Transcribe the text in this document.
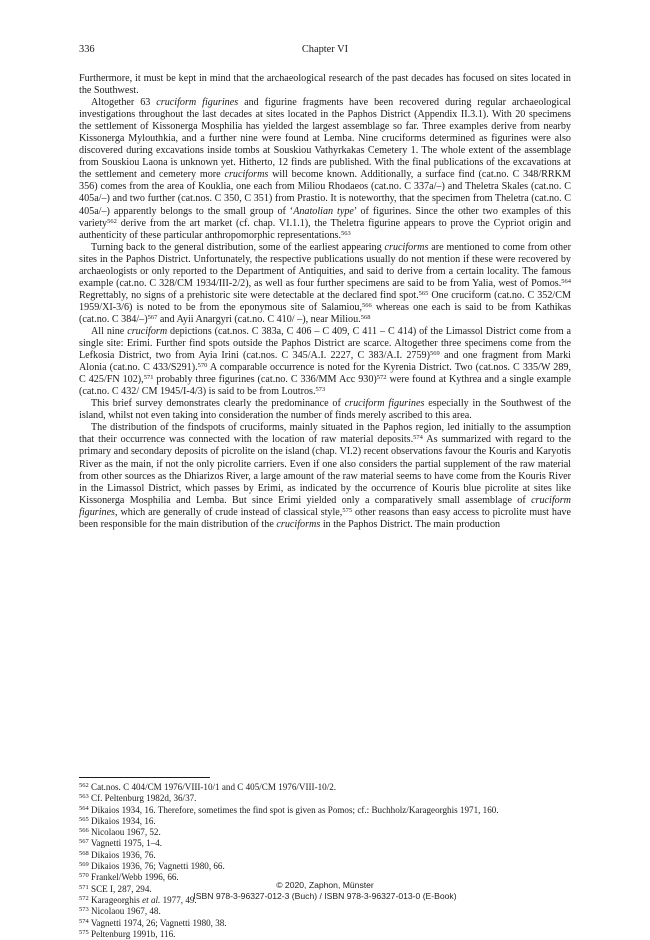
336	Chapter VI

Furthermore, it must be kept in mind that the archaeological research of the past decades has focused on sites located in the Southwest.

Altogether 63 cruciform figurines and figurine fragments have been recovered during regular archaeological investigations throughout the last decades at sites located in the Paphos District (Appendix II.3.1). With 20 specimens the settlement of Kissonerga Mosphilia has yielded the largest assemblage so far. Three examples derive from nearby Kissonerga Mylouthkia, and a further nine were found at Lemba. Nine cruciforms determined as figurines were also discovered during excavations inside tombs at Souskiou Vathyrkakas Cemetery 1. The whole extent of the assemblage from Souskiou Laona is unknown yet. Hitherto, 12 finds are published. With the final publications of the excavations at the settlement and cemetery more cruciforms will become known. Additionally, a surface find (cat.no. C 348/RRKM 356) comes from the area of Kouklia, one each from Miliou Rhodaeos (cat.no. C 337a/–) and Theletra Skales (cat.no. C 405a/–) and two further (cat.nos. C 350, C 351) from Prastio. It is noteworthy, that the specimen from Theletra (cat.no. C 405a/–) apparently belongs to the small group of ‘Anatolian type’ of figurines. Since the other two examples of this variety$^{562}$ derive from the art market (cf. chap. VI.1.1), the Theletra figurine appears to prove the Cypriot origin and authenticity of these particular anthropomorphic representations.$^{563}$

Turning back to the general distribution, some of the earliest appearing cruciforms are mentioned to come from other sites in the Paphos District. Unfortunately, the respective publications usually do not mention if these were recovered by archaeologists or only reported to the Department of Antiquities, and said to derive from a certain locality. The famous example (cat.no. C 328/CM 1934/III-2/2), as well as four further specimens are said to be from Yalia, west of Pomos.$^{564}$ Regrettably, no signs of a prehistoric site were detectable at the declared find spot.$^{565}$ One cruciform (cat.no. C 352/CM 1959/XI-3/6) is noted to be from the eponymous site of Salamiou,$^{566}$ whereas one each is said to be from Kathikas (cat.no. C 384/–)$^{567}$ and Ayii Anargyri (cat.no. C 410/ –), near Miliou.$^{568}$

All nine cruciform depictions (cat.nos. C 383a, C 406 – C 409, C 411 – C 414) of the Limassol District come from a single site: Erimi. Further find spots outside the Paphos District are scarce. Altogether three specimens come from the Lefkosia District, two from Ayia Irini (cat.nos. C 345/A.I. 2227, C 383/A.I. 2759)$^{569}$ and one fragment from Marki Alonia (cat.no. C 433/S291).$^{570}$ A comparable occurrence is noted for the Kyrenia District. Two (cat.nos. C 335/W 289, C 425/FN 102),$^{571}$ probably three figurines (cat.no. C 336/MM Acc 930)$^{572}$ were found at Kythrea and a single example (cat.no. C 432/ CM 1945/I-4/3) is said to be from Loutros.$^{573}$

This brief survey demonstrates clearly the predominance of cruciform figurines especially in the Southwest of the island, whilst not even taking into consideration the number of finds merely ascribed to this area.

The distribution of the findspots of cruciforms, mainly situated in the Paphos region, led initially to the assumption that their occurrence was connected with the location of raw material deposits.$^{574}$ As summarized with regard to the primary and secondary deposits of picrolite on the island (chap. VI.2) recent observations favour the Kouris and Karyotis River as the main, if not the only picrolite carriers. Even if one also considers the partial supplement of the raw material from other sources as the Dhiarizos River, a large amount of the raw material seems to have come from the Kouris River in the Limassol District, which passes by Erimi, as indicated by the occurrence of Kouris blue picrolite at sites like Kissonerga Mosphilia and Lemba. But since Erimi yielded only a comparatively small assemblage of cruciform figurines, which are generally of crude instead of classical style,$^{575}$ other reasons than easy access to picrolite must have been responsible for the main distribution of the cruciforms in the Paphos District. The main production

$^{562}$ Cat.nos. C 404/CM 1976/VIII-10/1 and C 405/CM 1976/VIII-10/2.
$^{563}$ Cf. Peltenburg 1982d, 36/37.
$^{564}$ Dikaios 1934, 16. Therefore, sometimes the find spot is given as Pomos; cf.: Buchholz/Karageorghis 1971, 160.
$^{565}$ Dikaios 1934, 16.
$^{566}$ Nicolaou 1967, 52.
$^{567}$ Vagnetti 1975, 1–4.
$^{568}$ Dikaios 1936, 76.
$^{569}$ Dikaios 1936, 76; Vagnetti 1980, 66.
$^{570}$ Frankel/Webb 1996, 66.
$^{571}$ SCE I, 287, 294.
$^{572}$ Karageorghis et al. 1977, 49.
$^{573}$ Nicolaou 1967, 48.
$^{574}$ Vagnetti 1974, 26; Vagnetti 1980, 38.
$^{575}$ Peltenburg 1991b, 116.
© 2020, Zaphon, Münster
ISBN 978-3-96327-012-3 (Buch) / ISBN 978-3-96327-013-0 (E-Book)
